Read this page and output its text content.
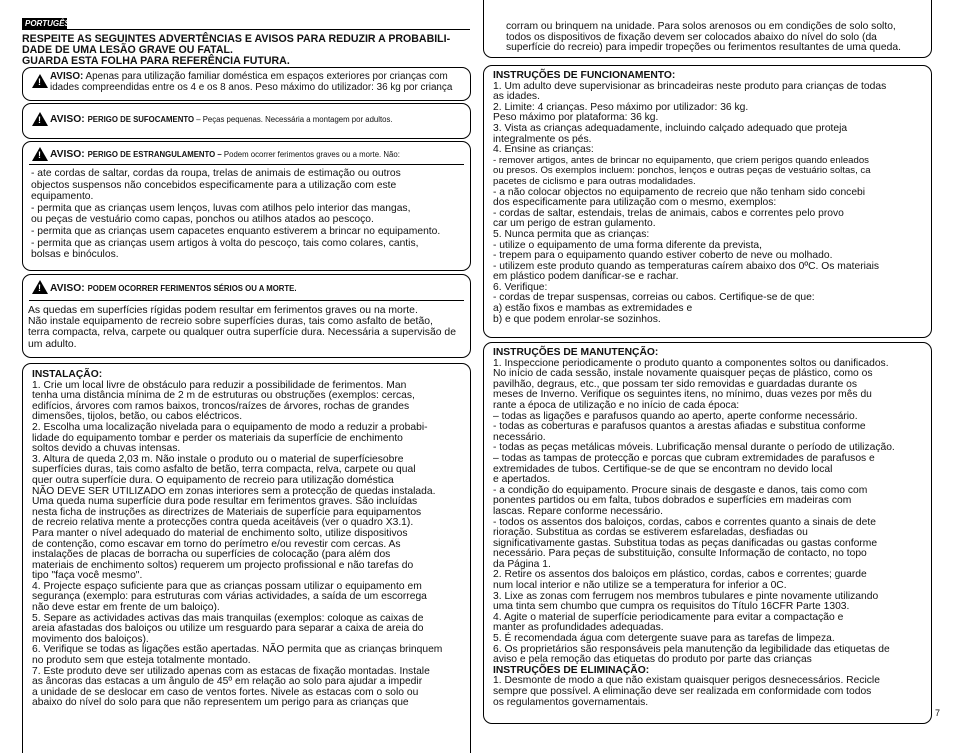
PORTUGÊS
RESPEITE AS SEGUINTES ADVERTÊNCIAS E AVISOS PARA REDUZIR A PROBABILI-
DADE DE UMA LESÃO GRAVE OU FATAL.
GUARDA ESTA FOLHA PARA REFERÊNCIA FUTURA.
!
AVISO: Apenas para utilização familiar doméstica em espaços exteriores por crianças com
idades compreendidas entre os 4 e os 8 anos. Peso máximo do utilizador: 36 kg por criança
!
AVISO: PERIGO DE SUFOCAMENTO – Peças pequenas. Necessária a montagem por adultos.
!
AVISO: PERIGO DE ESTRANGULAMENTO – Podem ocorrer ferimentos graves ou a morte. Não:
- ate cordas de saltar, cordas da roupa, trelas de animais de estimação ou outros
objectos suspensos não concebidos especificamente para a utilização com este
equipamento.
- permita que as crianças usem lenços, luvas com atilhos pelo interior das mangas,
ou peças de vestuário como capas, ponchos ou atilhos atados ao pescoço.
- permita que as crianças usem capacetes enquanto estiverem a brincar no equipamento.
- permita que as crianças usem artigos à volta do pescoço, tais como colares, cantis,
bolsas e binóculos.
!
AVISO: PODEM OCORRER FERIMENTOS SÉRIOS OU A MORTE.
As quedas em superfícies rígidas podem resultar em ferimentos graves ou na morte.
Não instale equipamento de recreio sobre superfícies duras, tais como asfalto de betão,
terra compacta, relva, carpete ou qualquer outra superfície dura. Necessária a supervisão de
um adulto.
INSTALAÇÃO:
1. Crie um local livre de obstáculo para reduzir a possibilidade de ferimentos. Man
tenha uma distância mínima de 2 m de estruturas ou obstruções (exemplos: cercas,
edifícios, árvores com ramos baixos, troncos/raízes de árvores, rochas de grandes
dimensões, tijolos, betão, ou cabos eléctricos.
2. Escolha uma localização nivelada para o equipamento de modo a reduzir a probabi-
lidade do equipamento tombar e perder os materiais da superfície de enchimento
soltos devido a chuvas intensas.
3. Altura de queda 2,03 m. Não instale o produto ou o material de superfíciesobre
superfícies duras, tais como asfalto de betão, terra compacta, relva, carpete ou qual
quer outra superfície dura. O equipamento de recreio para utilização doméstica
NÃO DEVE SER UTILIZADO em zonas interiores sem a protecção de quedas instalada.
Uma queda numa superfície dura pode resultar em ferimentos graves. São incluídas
nesta ficha de instruções as directrizes de Materiais de superfície para equipamentos
de recreio relativa mente a protecções contra queda aceitáveis (ver o quadro X3.1).
Para manter o nível adequado do material de enchimento solto, utilize dispositivos
de contenção, como escavar em torno do perímetro e/ou revestir com cercas. As
instalações de placas de borracha ou superfícies de colocação (para além dos
materiais de enchimento soltos) requerem um projecto profissional e não tarefas do
tipo "faça você mesmo".
4. Projecte espaço suficiente para que as crianças possam utilizar o equipamento em
segurança (exemplo: para estruturas com várias actividades, a saída de um escorrega
não deve estar em frente de um baloiço).
5. Separe as actividades activas das mais tranquilas (exemplos: coloque as caixas de
areia afastadas dos baloiços ou utilize um resguardo para separar a caixa de areia do
movimento dos baloiços).
6. Verifique se todas as ligações estão apertadas. NÃO permita que as crianças brinquem
no produto sem que esteja totalmente montado.
7. Este produto deve ser utilizado apenas com as estacas de fixação montadas. Instale
as âncoras das estacas a um ângulo de 45º em relação ao solo para ajudar a impedir
a unidade de se deslocar em caso de ventos fortes. Nivele as estacas com o solo ou
abaixo do nível do solo para que não representem um perigo para as crianças que
corram ou brinquem na unidade. Para solos arenosos ou em condições de solo solto,
todos os dispositivos de fixação devem ser colocados abaixo do nível do solo (da
superfície do recreio) para impedir tropeções ou ferimentos resultantes de uma queda.
INSTRUÇÕES DE FUNCIONAMENTO:
1. Um adulto deve supervisionar as brincadeiras neste produto para crianças de todas
as idades.
2. Limite: 4 crianças. Peso máximo por utilizador: 36 kg.
Peso máximo por plataforma: 36 kg.
3. Vista as crianças adequadamente, incluindo calçado adequado que proteja
integralmente os pés.
4. Ensine as crianças:
- remover artigos, antes de brincar no equipamento, que criem perigos quando enleados
ou presos. Os exemplos incluem: ponchos, lenços e outras peças de vestuário soltas, ca
pacetes de ciclismo e para outras modalidades.
- a não colocar objectos no equipamento de recreio que não tenham sido concebi
dos especificamente para utilização com o mesmo, exemplos:
- cordas de saltar, estendais, trelas de animais, cabos e correntes pelo provo
car um perigo de estran gulamento.
5. Nunca permita que as crianças:
- utilize o equipamento de uma forma diferente da prevista,
- trepem para o equipamento quando estiver coberto de neve ou molhado.
- utilizem este produto quando as temperaturas caírem abaixo dos 0ºC. Os materiais
em plástico podem danificar-se e rachar.
6. Verifique:
- cordas de trepar suspensas, correias ou cabos. Certifique-se de que:
a) estão fixos e mambas as extremidades e
b) e que podem enrolar-se sozinhos.
INSTRUÇÕES DE MANUTENÇÃO:
1. Inspeccione periodicamente o produto quanto a componentes soltos ou danificados.
No início de cada sessão, instale novamente quaisquer peças de plástico, como os
pavilhão, degraus, etc., que possam ter sido removidas e guardadas durante os
meses de Inverno. Verifique os seguintes itens, no mínimo, duas vezes por mês du
rante a época de utilização e no início de cada época:
– todas as ligações e parafusos quando ao aperto, aperte conforme necessário.
- todas as coberturas e parafusos quantos a arestas afiadas e substitua conforme
necessário.
- todas as peças metálicas móveis. Lubrificação mensal durante o período de utilização.
– todas as tampas de protecção e porcas que cubram extremidades de parafusos e
extremidades de tubos. Certifique-se de que se encontram no devido local
e apertados.
- a condição do equipamento. Procure sinais de desgaste e danos, tais como com
ponentes partidos ou em falta, tubos dobrados e superfícies em madeiras com
lascas. Repare conforme necessário.
- todos os assentos dos baloiços, cordas, cabos e correntes quanto a sinais de dete
rioração. Substitua as cordas se estiverem esfareladas, desfiadas ou
significativamente gastas. Substitua todas as peças danificadas ou gastas conforme
necessário. Para peças de substituição, consulte Informação de contacto, no topo
da Página 1.
2. Retire os assentos dos baloiços em plástico, cordas, cabos e correntes; guarde
num local interior e não utilize se a temperatura for inferior a 0C.
3. Lixe as zonas com ferrugem nos membros tubulares e pinte novamente utilizando
uma tinta sem chumbo que cumpra os requisitos do Título 16CFR Parte 1303.
4. Agite o material de superfície periodicamente para evitar a compactação e
manter as profundidades adequadas.
5. É recomendada água com detergente suave para as tarefas de limpeza.
6. Os proprietários são responsáveis pela manutenção da legibilidade das etiquetas de
aviso e pela remoção das etiquetas do produto por parte das crianças
INSTRUÇÕES DE ELIMINAÇÃO:
1. Desmonte de modo a que não existam quaisquer perigos desnecessários. Recicle
sempre que possível. A eliminação deve ser realizada em conformidade com todos
os regulamentos governamentais.
7
